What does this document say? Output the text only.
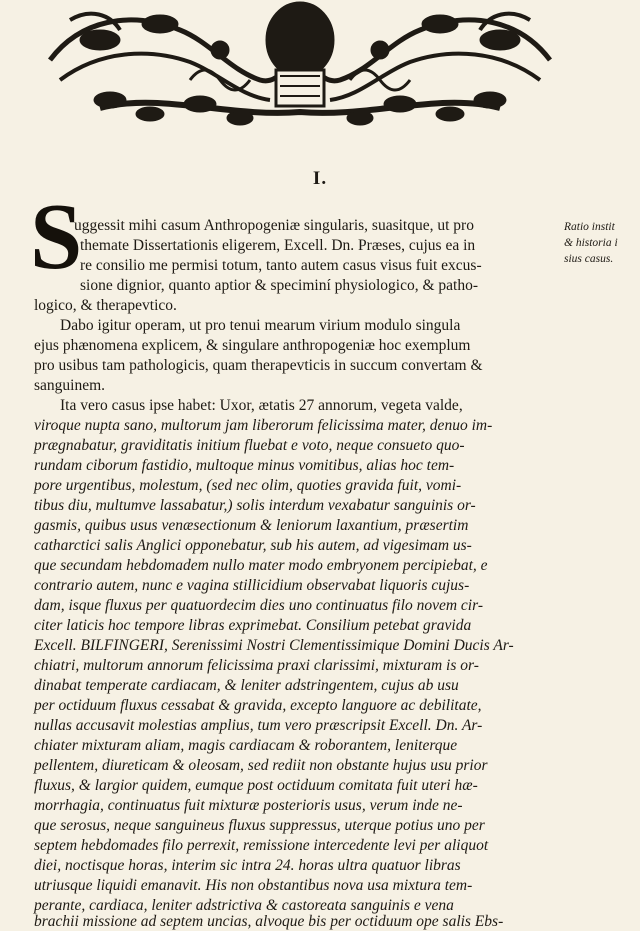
I.
S	Ratio instit
& historia i
sius casus.
uggessit mihi casum Anthropogeniæ singularis, suasitque, ut pro
themate Dissertationis eligerem, Excell. Dn. Præses, cujus ea in
re consilio me permisi totum, tanto autem casus visus fuit excus-
sione dignior, quanto aptior & speciminí physiologico, & patho-
logico, & therapevtico.
Dabo igitur operam, ut pro tenui mearum virium modulo singula
ejus phænomena explicem, & singulare anthropogeniæ hoc exemplum
pro usibus tam pathologicis, quam therapevticis in succum convertam &
sanguinem.
Ita vero casus ipse habet: Uxor, ætatis 27 annorum, vegeta valde,
viroque nupta sano, multorum jam liberorum felicissima mater, denuo im-
prægnabatur, graviditatis initium fluebat e voto, neque consueto quo-
rundam ciborum fastidio, multoque minus vomitibus, alias hoc tem-
pore urgentibus, molestum, (sed nec olim, quoties gravida fuit, vomi-
tibus diu, multumve lassabatur,) solis interdum vexabatur sanguinis or-
gasmis, quibus usus venæsectionum & leniorum laxantium, præsertim
catharctici salis Anglici opponebatur, sub his autem, ad vigesimam us-
que secundam hebdomadem nullo mater modo embryonem percipiebat, e
contrario autem, nunc e vagina stillicidium observabat liquoris cujus-
dam, isque fluxus per quatuordecim dies uno continuatus filo novem cir-
citer laticis hoc tempore libras exprimebat. Consilium petebat gravida
Excell. BILFINGERI, Serenissimi Nostri Clementissimique Domini Ducis Ar-
chiatri, multorum annorum felicissima praxi clarissimi, mixturam is or-
dinabat temperate cardiacam, & leniter adstringentem, cujus ab usu
per octiduum fluxus cessabat & gravida, excepto languore ac debilitate,
nullas accusavit molestias amplius, tum vero præscripsit Excell. Dn. Ar-
chiater mixturam aliam, magis cardiacam & roborantem, leniterque
pellentem, diureticam & oleosam, sed rediit non obstante hujus usu prior
fluxus, & largior quidem, eumque post octiduum comitata fuit uteri hæ-
morrhagia, continuatus fuit mixturæ posterioris usus, verum inde ne-
que serosus, neque sanguineus fluxus suppressus, uterque potius uno per
septem hebdomades filo perrexit, remissione intercedente levi per aliquot
diei, noctisque horas, interim sic intra 24. horas ultra quatuor libras
utriusque liquidi emanavit. His non obstantibus nova usa mixtura tem-
perante, cardiaca, leniter adstrictiva & castoreata sanguinis e vena
brachii missione ad septem uncias, alvoque bis per octiduum ope salis Ebs-
